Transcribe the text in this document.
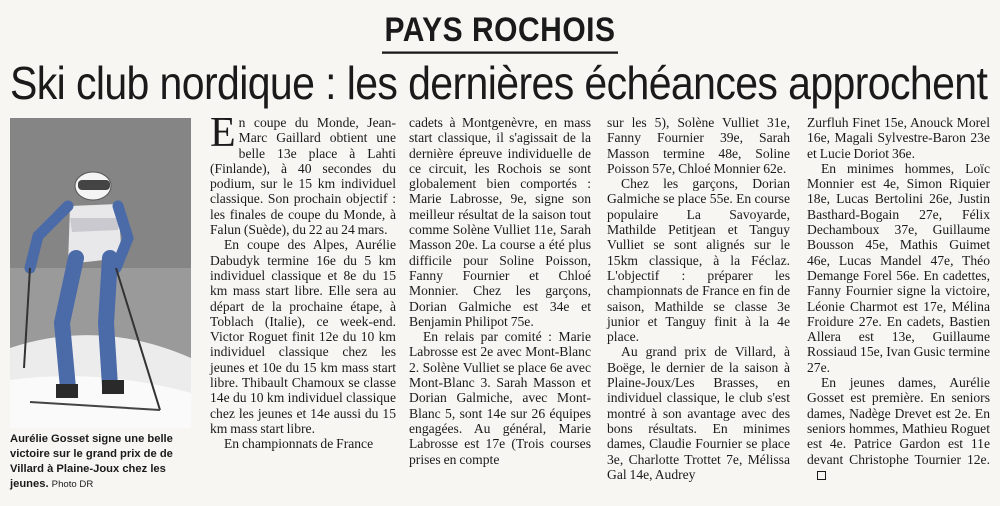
PAYS ROCHOIS
Ski club nordique : les dernières échéances approchent
Aurélie Gosset signe une belle victoire sur le grand prix de de Villard à Plaine-Joux chez les jeunes. Photo DR

En coupe du Monde, Jean-Marc Gaillard obtient une belle 13e place à Lahti (Finlande), à 40 secondes du podium, sur le 15 km individuel classique. Son prochain objectif : les finales de coupe du Monde, à Falun (Suède), du 22 au 24 mars.

En coupe des Alpes, Aurélie Dabudyk termine 16e du 5 km individuel classique et 8e du 15 km mass start libre. Elle sera au départ de la prochaine étape, à Toblach (Italie), ce week-end. Victor Roguet finit 12e du 10 km individuel classique chez les jeunes et 10e du 15 km mass start libre. Thibault Chamoux se classe 14e du 10 km individuel classique chez les jeunes et 14e aussi du 15 km mass start libre.

En championnats de France

cadets à Montgenèvre, en mass start classique, il s'agissait de la dernière épreuve individuelle de ce circuit, les Rochois se sont globalement bien comportés : Marie Labrosse, 9e, signe son meilleur résultat de la saison tout comme Solène Vulliet 11e, Sarah Masson 20e. La course a été plus difficile pour Soline Poisson, Fanny Fournier et Chloé Monnier. Chez les garçons, Dorian Galmiche est 34e et Benjamin Philipot 75e.

En relais par comité : Marie Labrosse est 2e avec Mont-Blanc 2. Solène Vulliet se place 6e avec Mont-Blanc 3. Sarah Masson et Dorian Galmiche, avec Mont-Blanc 5, sont 14e sur 26 équipes engagées. Au général, Marie Labrosse est 17e (Trois courses prises en compte

sur les 5), Solène Vulliet 31e, Fanny Fournier 39e, Sarah Masson termine 48e, Soline Poisson 57e, Chloé Monnier 62e.

Chez les garçons, Dorian Galmiche se place 55e. En course populaire La Savoyarde, Mathilde Petitjean et Tanguy Vulliet se sont alignés sur le 15km classique, à la Féclaz. L'objectif : préparer les championnats de France en fin de saison, Mathilde se classe 3e junior et Tanguy finit à la 4e place.

Au grand prix de Villard, à Boëge, le dernier de la saison à Plaine-Joux/Les Brasses, en individuel classique, le club s'est montré à son avantage avec des bons résultats. En minimes dames, Claudie Fournier se place 3e, Charlotte Trottet 7e, Mélissa Gal 14e, Audrey

Zurfluh Finet 15e, Anouck Morel 16e, Magali Sylvestre-Baron 23e et Lucie Doriot 36e.

En minimes hommes, Loïc Monnier est 4e, Simon Riquier 18e, Lucas Bertolini 26e, Justin Basthard-Bogain 27e, Félix Dechamboux 37e, Guillaume Bousson 45e, Mathis Guimet 46e, Lucas Mandel 47e, Théo Demange Forel 56e. En cadettes, Fanny Fournier signe la victoire, Léonie Charmot est 17e, Mélina Froidure 27e. En cadets, Bastien Allera est 13e, Guillaume Rossiaud 15e, Ivan Gusic termine 27e.

En jeunes dames, Aurélie Gosset est première. En seniors dames, Nadège Drevet est 2e. En seniors hommes, Mathieu Roguet est 4e. Patrice Gardon est 11e devant Christophe Tournier 12e.
